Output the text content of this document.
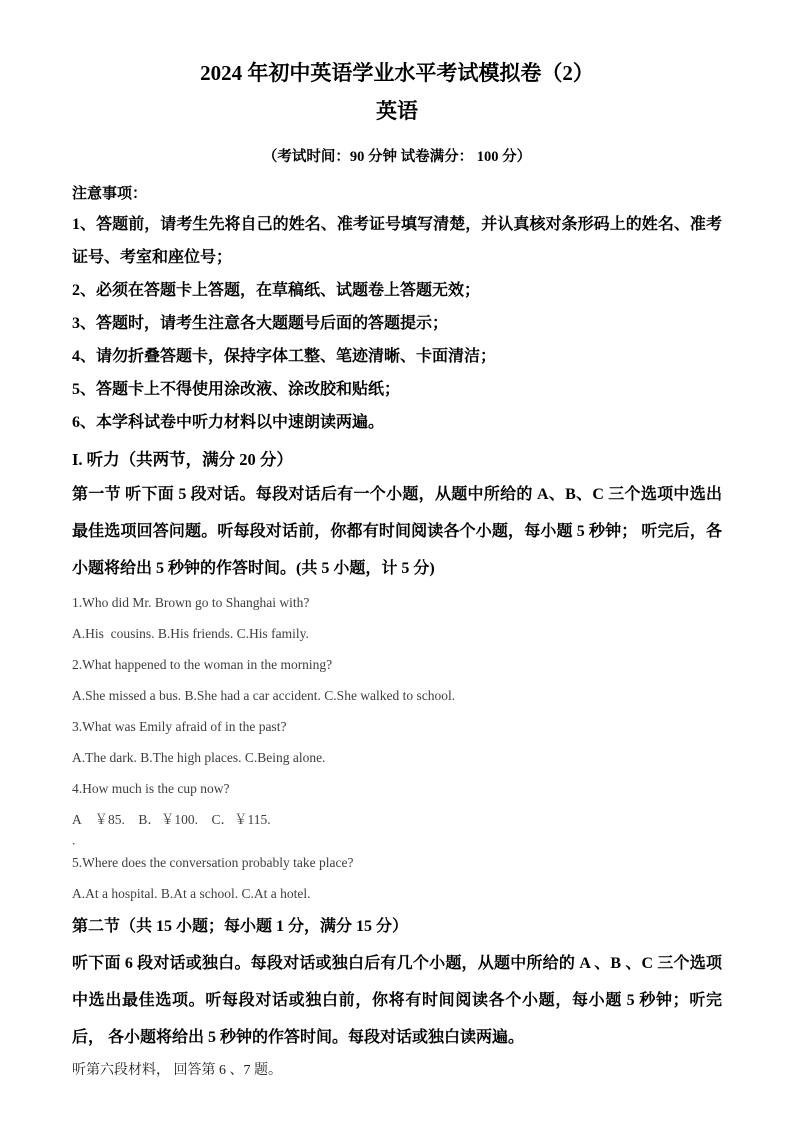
2024 年初中英语学业水平考试模拟卷（2）
英语
（考试时间：90 分钟 试卷满分： 100 分）
注意事项：

1、答题前，请考生先将自己的姓名、准考证号填写清楚，并认真核对条形码上的姓名、准考证号、考室和座位号；

2、必须在答题卡上答题，在草稿纸、试题卷上答题无效；

3、答题时，请考生注意各大题题号后面的答题提示；

4、请勿折叠答题卡，保持字体工整、笔迹清晰、卡面清洁；

5、答题卡上不得使用涂改液、涂改胶和贴纸；

6、本学科试卷中听力材料以中速朗读两遍。

I. 听力（共两节，满分 20 分）

第一节 听下面 5 段对话。每段对话后有一个小题，从题中所给的 A、B、C 三个选项中选出最佳选项回答问题。听每段对话前，你都有时间阅读各个小题，每小题 5 秒钟； 听完后，各小题将给出 5 秒钟的作答时间。(共 5 小题，计 5 分)

1.Who did Mr. Brown go to Shanghai with?

A.His  cousins. B.His friends. C.His family.

2.What happened to the woman in the morning?

A.She missed a bus. B.She had a car accident. C.She walked to school.

3.What was Emily afraid of in the past?

A.The dark. B.The high places. C.Being alone.

4.How much is the cup now?

A　￥85.　B．￥100.　C．￥115.

．

5.Where does the conversation probably take place?

A.At a hospital. B.At a school. C.At a hotel.

第二节（共 15 小题；每小题 1 分，满分 15 分）

听下面 6 段对话或独白。每段对话或独白后有几个小题，从题中所给的 A 、B 、C 三个选项 中选出最佳选项。听每段对话或独白前，你将有时间阅读各个小题，每小题 5 秒钟；听完后， 各小题将给出 5 秒钟的作答时间。每段对话或独白读两遍。

听第六段材料， 回答第 6 、7 题。
